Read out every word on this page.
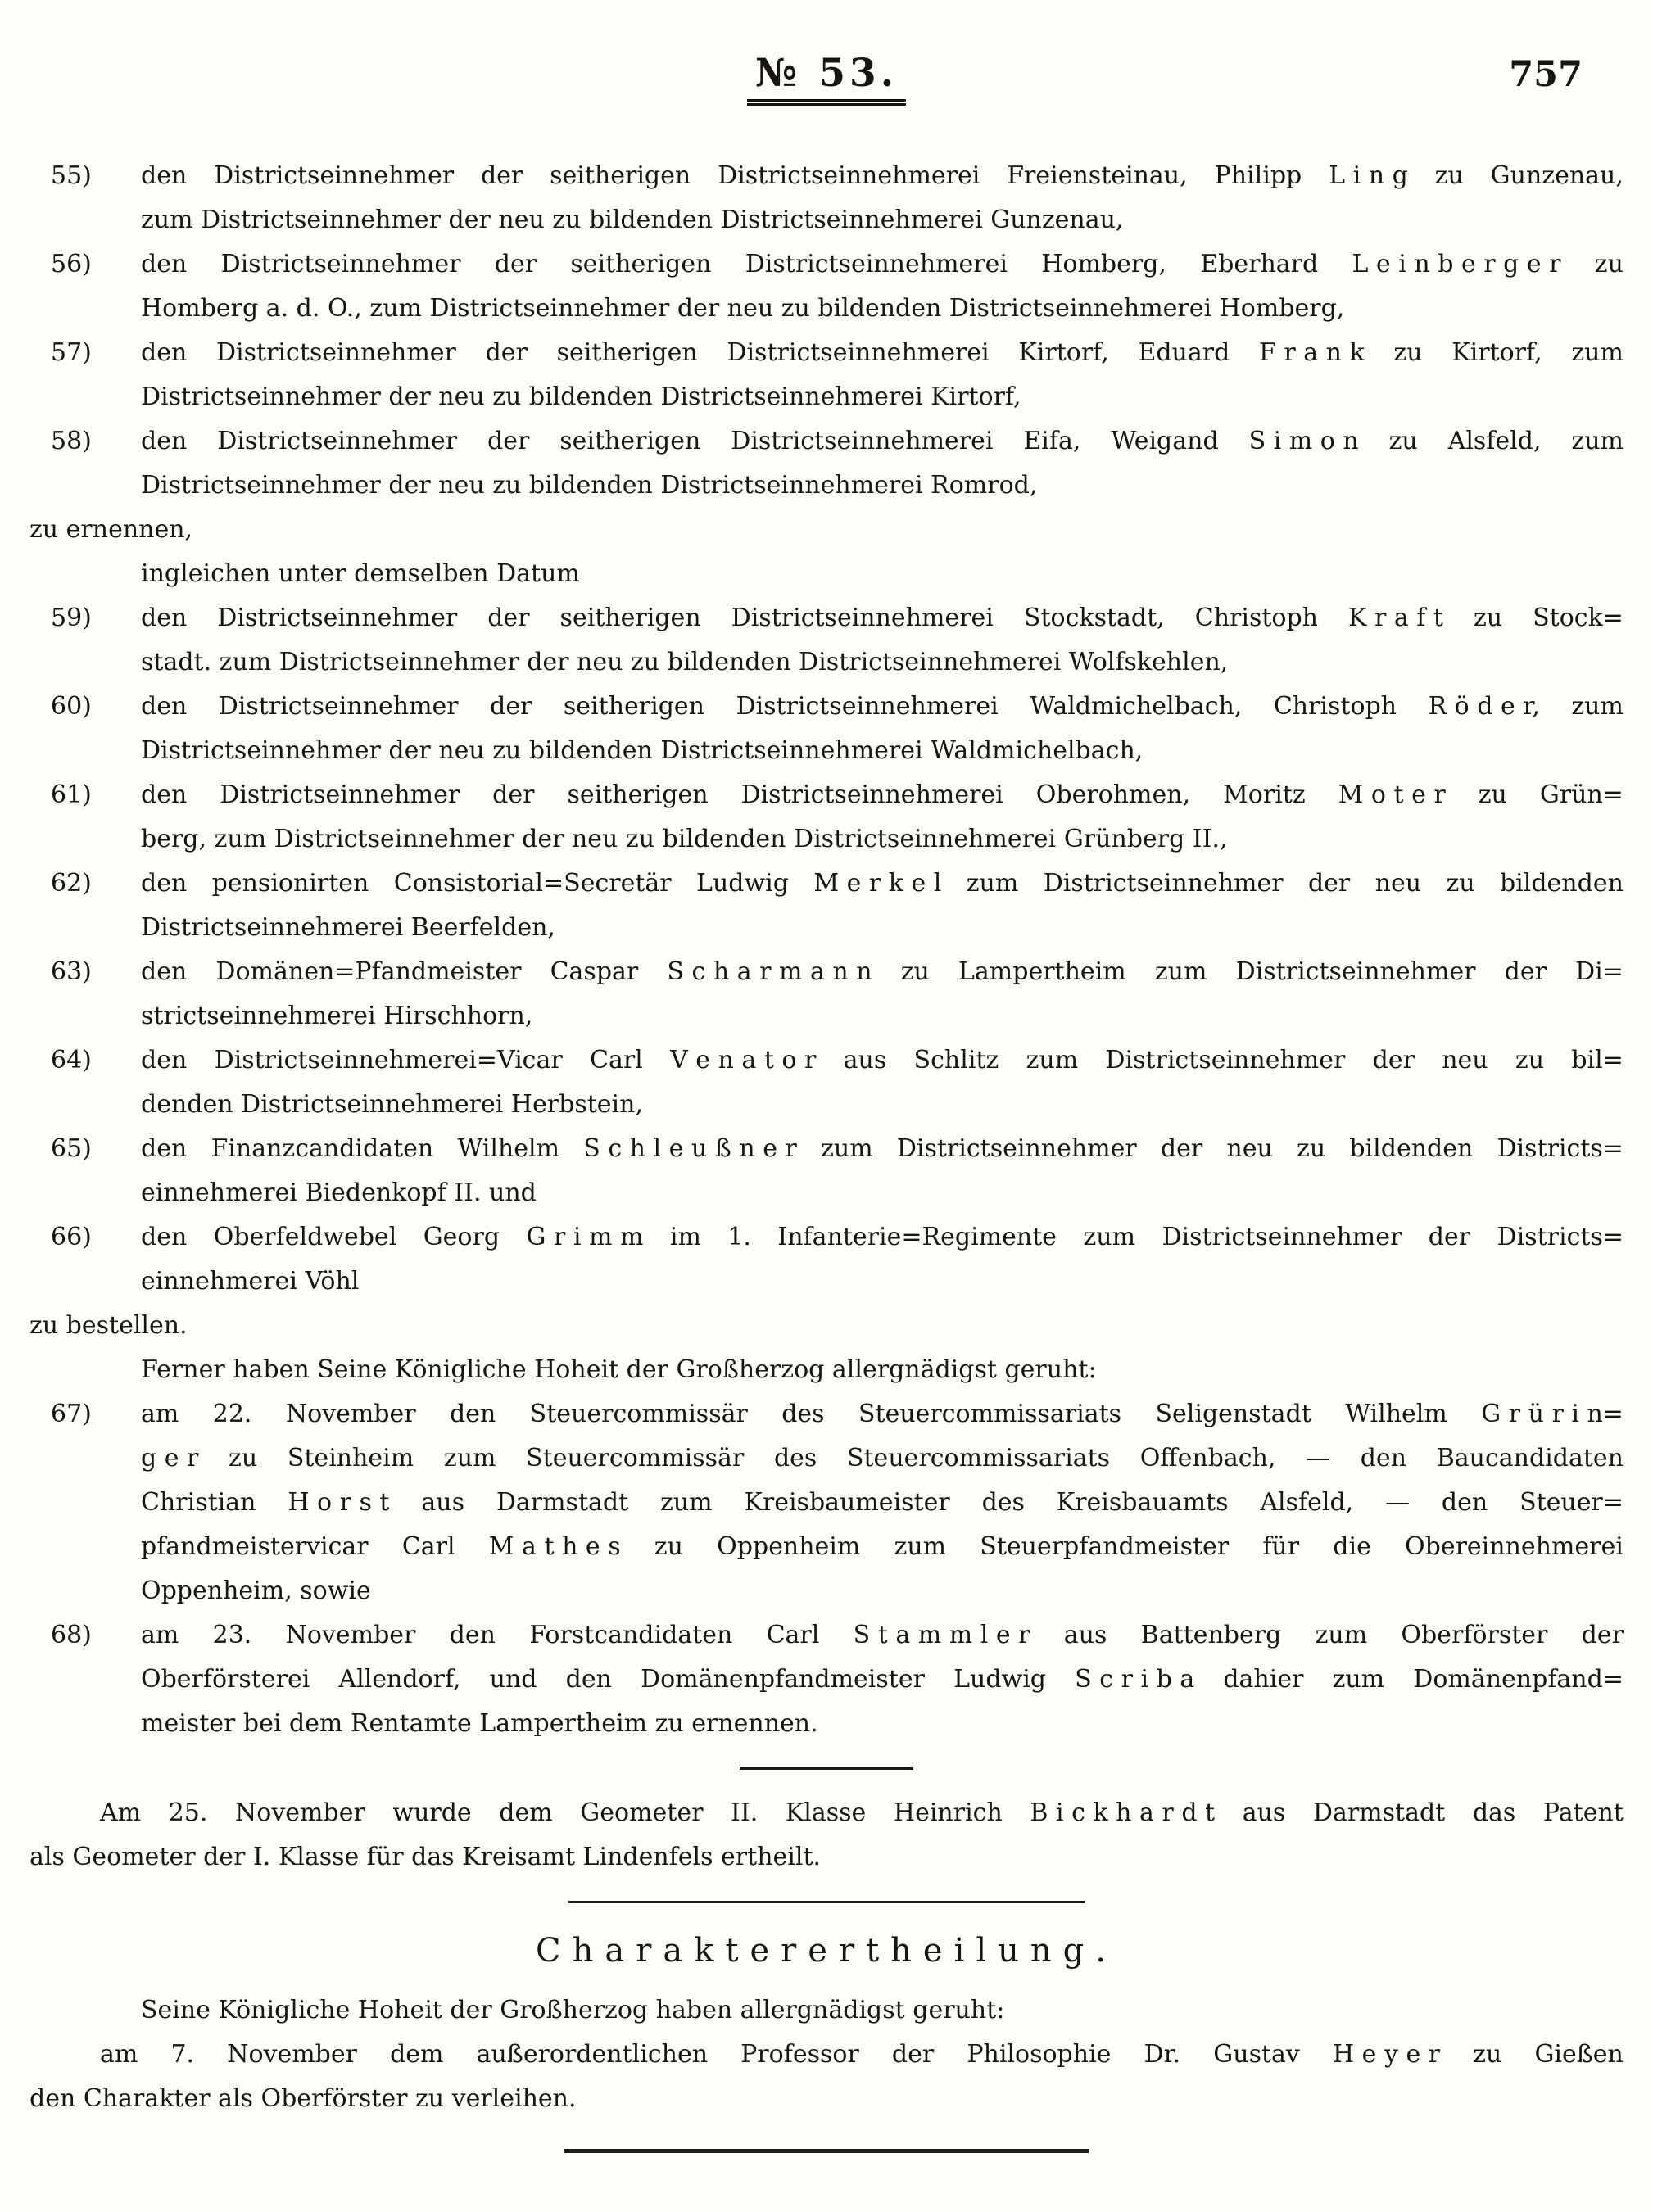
№ 53.	757
55) den Districtseinnehmer der seitherigen Districtseinnehmerei Freiensteinau, Philipp L i n g zu Gunzenau,
zum Districtseinnehmer der neu zu bildenden Districtseinnehmerei Gunzenau,
56) den Districtseinnehmer der seitherigen Districtseinnehmerei Homberg, Eberhard L e i n b e r g e r zu
Homberg a. d. O., zum Districtseinnehmer der neu zu bildenden Districtseinnehmerei Homberg,
57) den Districtseinnehmer der seitherigen Districtseinnehmerei Kirtorf, Eduard F r a n k zu Kirtorf, zum
Districtseinnehmer der neu zu bildenden Districtseinnehmerei Kirtorf,
58) den Districtseinnehmer der seitherigen Districtseinnehmerei Eifa, Weigand S i m o n zu Alsfeld, zum
Districtseinnehmer der neu zu bildenden Districtseinnehmerei Romrod,
zu ernennen,
ingleichen unter demselben Datum
59) den Districtseinnehmer der seitherigen Districtseinnehmerei Stockstadt, Christoph K r a f t zu Stock=
stadt. zum Districtseinnehmer der neu zu bildenden Districtseinnehmerei Wolfskehlen,
60) den Districtseinnehmer der seitherigen Districtseinnehmerei Waldmichelbach, Christoph R ö d e r, zum
Districtseinnehmer der neu zu bildenden Districtseinnehmerei Waldmichelbach,
61) den Districtseinnehmer der seitherigen Districtseinnehmerei Oberohmen, Moritz M o t e r zu Grün=
berg, zum Districtseinnehmer der neu zu bildenden Districtseinnehmerei Grünberg II.,
62) den pensionirten Consistorial=Secretär Ludwig M e r k e l zum Districtseinnehmer der neu zu bildenden
Districtseinnehmerei Beerfelden,
63) den Domänen=Pfandmeister Caspar S c h a r m a n n zu Lampertheim zum Districtseinnehmer der Di=
strictseinnehmerei Hirschhorn,
64) den Districtseinnehmerei=Vicar Carl V e n a t o r aus Schlitz zum Districtseinnehmer der neu zu bil=
denden Districtseinnehmerei Herbstein,
65) den Finanzcandidaten Wilhelm S c h l e u ß n e r zum Districtseinnehmer der neu zu bildenden Districts=
einnehmerei Biedenkopf II. und
66) den Oberfeldwebel Georg G r i m m im 1. Infanterie=Regimente zum Districtseinnehmer der Districts=
einnehmerei Vöhl
zu bestellen.
Ferner haben Seine Königliche Hoheit der Großherzog allergnädigst geruht:
67) am 22. November den Steuercommissär des Steuercommissariats Seligenstadt Wilhelm G r ü r i n=
g e r zu Steinheim zum Steuercommissär des Steuercommissariats Offenbach, — den Baucandidaten
Christian H o r s t aus Darmstadt zum Kreisbaumeister des Kreisbauamts Alsfeld, — den Steuer=
pfandmeistervicar Carl M a t h e s zu Oppenheim zum Steuerpfandmeister für die Obereinnehmerei
Oppenheim, sowie
68) am 23. November den Forstcandidaten Carl S t a m m l e r aus Battenberg zum Oberförster der
Oberförsterei Allendorf, und den Domänenpfandmeister Ludwig S c r i b a dahier zum Domänenpfand=
meister bei dem Rentamte Lampertheim zu ernennen.
Am 25. November wurde dem Geometer II. Klasse Heinrich B i c k h a r d t aus Darmstadt das Patent
als Geometer der I. Klasse für das Kreisamt Lindenfels ertheilt.
Charakterertheilung.
Seine Königliche Hoheit der Großherzog haben allergnädigst geruht:
am 7. November dem außerordentlichen Professor der Philosophie Dr. Gustav H e y e r zu Gießen
den Charakter als Oberförster zu verleihen.
